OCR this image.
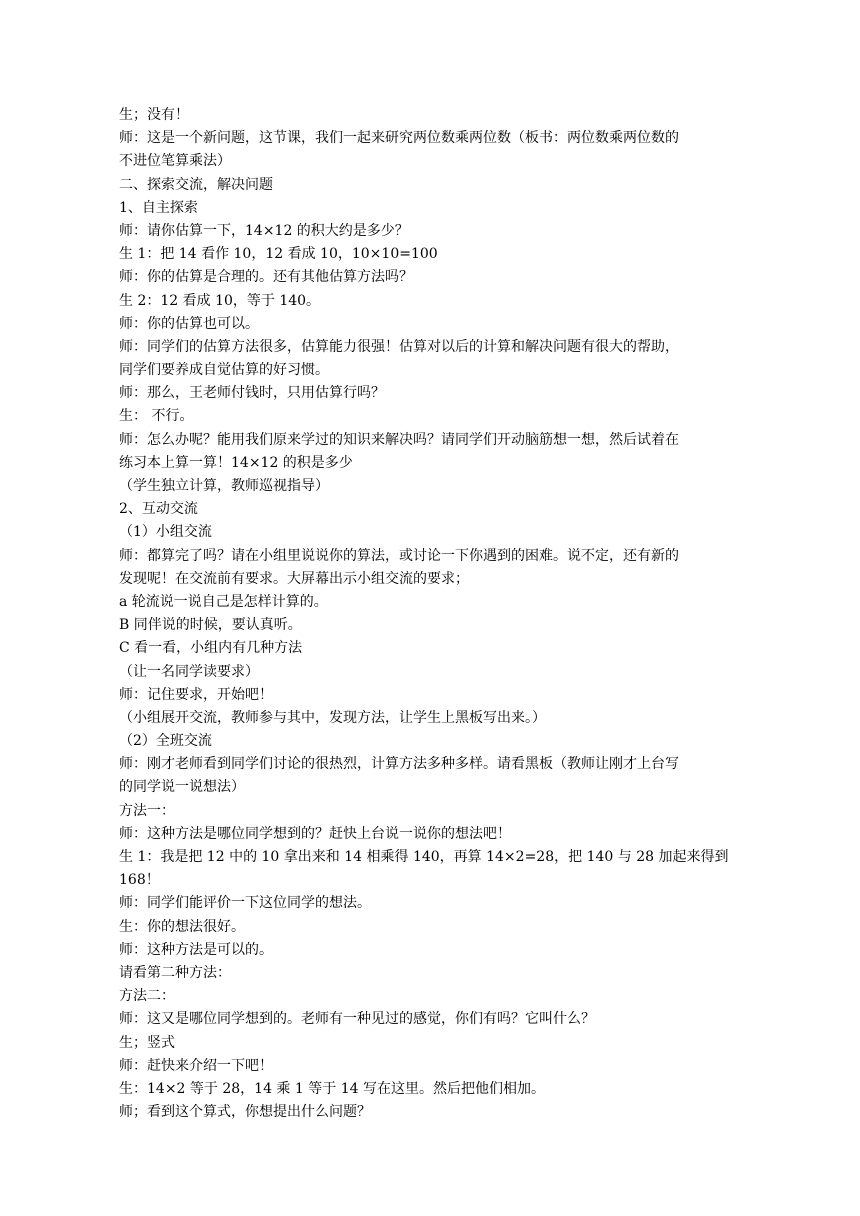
生；没有！
师：这是一个新问题，这节课，我们一起来研究两位数乘两位数（板书：两位数乘两位数的
不进位笔算乘法）
二、探索交流，解决问题
1、自主探索
师：请你估算一下，14×12 的积大约是多少？
生 1：把 14 看作 10，12 看成 10，10×10=100
师：你的估算是合理的。还有其他估算方法吗？
生 2：12 看成 10，等于 140。
师：你的估算也可以。
师：同学们的估算方法很多，估算能力很强！估算对以后的计算和解决问题有很大的帮助，
同学们要养成自觉估算的好习惯。
师：那么，王老师付钱时，只用估算行吗？
生： 不行。
师：怎么办呢？能用我们原来学过的知识来解决吗？请同学们开动脑筋想一想，然后试着在
练习本上算一算！14×12 的积是多少
（学生独立计算，教师巡视指导）
2、互动交流
（1）小组交流
师：都算完了吗？请在小组里说说你的算法，或讨论一下你遇到的困难。说不定，还有新的
发现呢！在交流前有要求。大屏幕出示小组交流的要求；
a 轮流说一说自己是怎样计算的。
B 同伴说的时候，要认真听。
C 看一看，小组内有几种方法
（让一名同学读要求）
师：记住要求，开始吧！
（小组展开交流，教师参与其中，发现方法，让学生上黑板写出来。）
（2）全班交流
师：刚才老师看到同学们讨论的很热烈，计算方法多种多样。请看黑板（教师让刚才上台写
的同学说一说想法）
方法一：
师：这种方法是哪位同学想到的？赶快上台说一说你的想法吧！
生 1：我是把 12 中的 10 拿出来和 14 相乘得 140，再算 14×2=28，把 140 与 28 加起来得到
168！
师：同学们能评价一下这位同学的想法。
生：你的想法很好。
师：这种方法是可以的。
请看第二种方法：
方法二：
师：这又是哪位同学想到的。老师有一种见过的感觉，你们有吗？它叫什么？
生；竖式
师：赶快来介绍一下吧！
生：14×2 等于 28，14 乘 1 等于 14 写在这里。然后把他们相加。
师；看到这个算式，你想提出什么问题？
